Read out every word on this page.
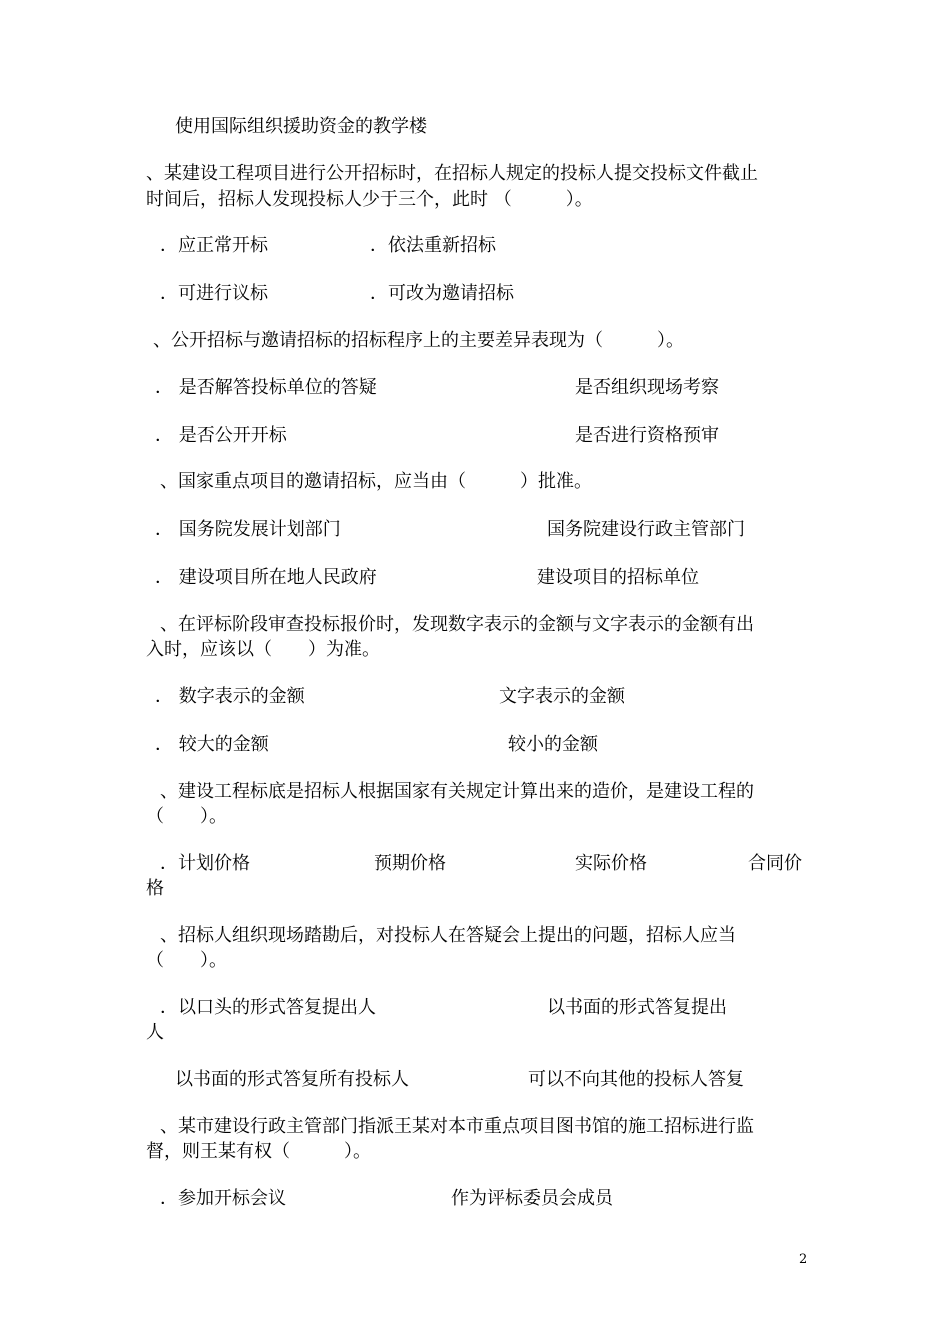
使用国际组织援助资金的教学楼

、某建设工程项目进行公开招标时，在招标人规定的投标人提交投标文件截止

时间后，招标人发现投标人少于三个，此时 （　　　）。

．应正常开标	．依法重新招标

．可进行议标	．可改为邀请招标

、公开招标与邀请招标的招标程序上的主要差异表现为（　　　）。

． 是否解答投标单位的答疑	是否组织现场考察

． 是否公开开标	是否进行资格预审

、国家重点项目的邀请招标，应当由（　　　）批准。

． 国务院发展计划部门	国务院建设行政主管部门

． 建设项目所在地人民政府	建设项目的招标单位

、在评标阶段审查投标报价时，发现数字表示的金额与文字表示的金额有出

入时，应该以（　　）为准。

． 数字表示的金额	文字表示的金额

． 较大的金额	较小的金额

、建设工程标底是招标人根据国家有关规定计算出来的造价，是建设工程的

（　　）。

．计划价格	预期价格	实际价格	合同价

格

、招标人组织现场踏勘后，对投标人在答疑会上提出的问题，招标人应当

（　　）。

．以口头的形式答复提出人	以书面的形式答复提出

人

以书面的形式答复所有投标人	可以不向其他的投标人答复

、某市建设行政主管部门指派王某对本市重点项目图书馆的施工招标进行监

督，则王某有权（　　　）。

．参加开标会议	作为评标委员会成员

2
